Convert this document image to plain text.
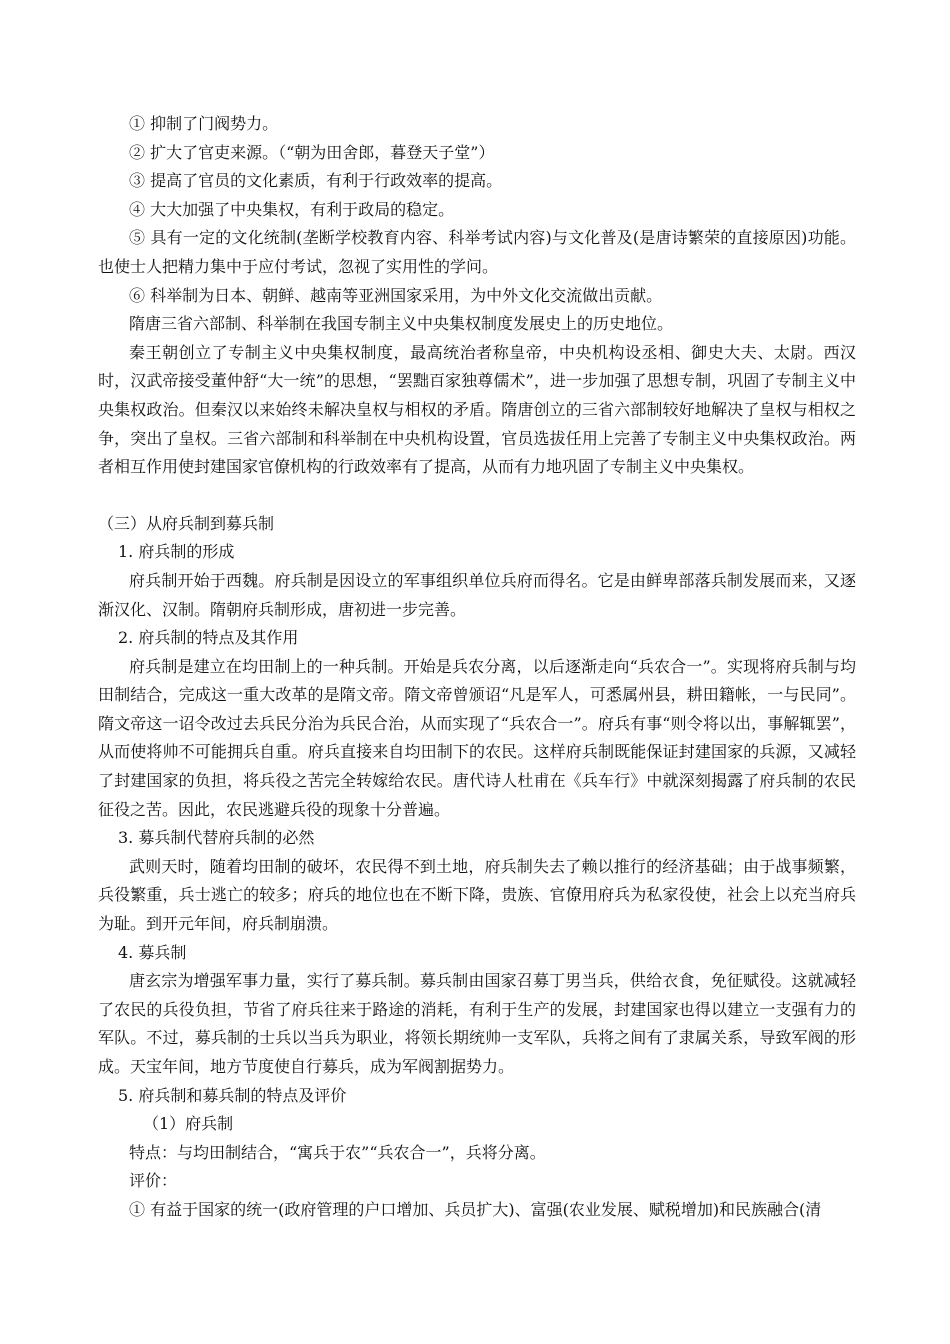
① 抑制了门阀势力。

② 扩大了官吏来源。（“朝为田舍郎，暮登天子堂”）

③ 提高了官员的文化素质，有利于行政效率的提高。

④ 大大加强了中央集权，有利于政局的稳定。

⑤ 具有一定的文化统制(垄断学校教育内容、科举考试内容)与文化普及(是唐诗繁荣的直接原因)功能。也使士人把精力集中于应付考试，忽视了实用性的学问。

⑥ 科举制为日本、朝鲜、越南等亚洲国家采用，为中外文化交流做出贡献。

隋唐三省六部制、科举制在我国专制主义中央集权制度发展史上的历史地位。

秦王朝创立了专制主义中央集权制度，最高统治者称皇帝，中央机构设丞相、御史大夫、太尉。西汉时，汉武帝接受董仲舒“大一统”的思想，“罢黜百家独尊儒术”，进一步加强了思想专制，巩固了专制主义中央集权政治。但秦汉以来始终未解决皇权与相权的矛盾。隋唐创立的三省六部制较好地解决了皇权与相权之争，突出了皇权。三省六部制和科举制在中央机构设置，官员选拔任用上完善了专制主义中央集权政治。两者相互作用使封建国家官僚机构的行政效率有了提高，从而有力地巩固了专制主义中央集权。

（三）从府兵制到募兵制

1. 府兵制的形成

府兵制开始于西魏。府兵制是因设立的军事组织单位兵府而得名。它是由鲜卑部落兵制发展而来，又逐渐汉化、汉制。隋朝府兵制形成，唐初进一步完善。

2. 府兵制的特点及其作用

府兵制是建立在均田制上的一种兵制。开始是兵农分离，以后逐渐走向“兵农合一”。实现将府兵制与均田制结合，完成这一重大改革的是隋文帝。隋文帝曾颁诏“凡是军人，可悉属州县，耕田籍帐，一与民同”。隋文帝这一诏令改过去兵民分治为兵民合治，从而实现了“兵农合一”。府兵有事“则令将以出，事解辄罢”，从而使将帅不可能拥兵自重。府兵直接来自均田制下的农民。这样府兵制既能保证封建国家的兵源，又减轻了封建国家的负担，将兵役之苦完全转嫁给农民。唐代诗人杜甫在《兵车行》中就深刻揭露了府兵制的农民征役之苦。因此，农民逃避兵役的现象十分普遍。

3. 募兵制代替府兵制的必然

武则天时，随着均田制的破坏，农民得不到土地，府兵制失去了赖以推行的经济基础；由于战事频繁，兵役繁重，兵士逃亡的较多；府兵的地位也在不断下降，贵族、官僚用府兵为私家役使，社会上以充当府兵为耻。到开元年间，府兵制崩溃。

4. 募兵制

唐玄宗为增强军事力量，实行了募兵制。募兵制由国家召募丁男当兵，供给衣食，免征赋役。这就减轻了农民的兵役负担，节省了府兵往来于路途的消耗，有利于生产的发展，封建国家也得以建立一支强有力的军队。不过，募兵制的士兵以当兵为职业，将领长期统帅一支军队，兵将之间有了隶属关系，导致军阀的形成。天宝年间，地方节度使自行募兵，成为军阀割据势力。

5. 府兵制和募兵制的特点及评价

（1）府兵制

特点：与均田制结合，“寓兵于农”“兵农合一”，兵将分离。

评价：

① 有益于国家的统一(政府管理的户口增加、兵员扩大)、富强(农业发展、赋税增加)和民族融合(清
